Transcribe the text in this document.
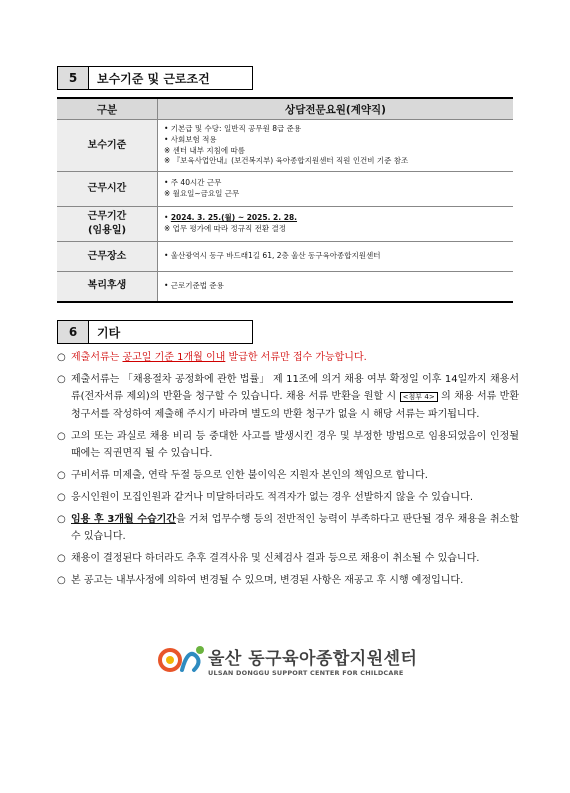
5	보수기준 및 근로조건
구분	상담전문요원(계약직)
보수기준	• 기본급 및 수당: 일반직 공무원 8급 준용
• 사회보험 적용
※ 센터 내부 지침에 따름
※ 『보육사업안내』(보건복지부) 육아종합지원센터 직원 인건비 기준 참조

근무시간	• 주 40시간 근무
※ 월요일~금요일 근무

근무기간
(임용일)	• 2024. 3. 25.(월) ~ 2025. 2. 28.
※ 업무 평가에 따라 정규직 전환 결정

근무장소	• 울산광역시 동구 바드래1길 61, 2층 울산 동구육아종합지원센터
복리후생	• 근로기준법 준용
6	기타
○ 제출서류는 공고일 기준 1개월 이내 발급한 서류만 접수 가능합니다.
○ 제출서류는 「채용절차 공정화에 관한 법률」 제 11조에 의거 채용 여부 확정일 이후 14일까지 채용서류(전자서류 제외)의 반환을 청구할 수 있습니다. 채용 서류 반환을 원할 시 <첨부 4> 의 채용 서류 반환청구서를 작성하여 제출해 주시기 바라며 별도의 반환 청구가 없을 시 해당 서류는 파기됩니다.
○ 고의 또는 과실로 채용 비리 등 중대한 사고를 발생시킨 경우 및 부정한 방법으로 임용되었음이 인정될 때에는 직권면직 될 수 있습니다.
○ 구비서류 미제출, 연락 두절 등으로 인한 불이익은 지원자 본인의 책임으로 합니다.
○ 응시인원이 모집인원과 같거나 미달하더라도 적격자가 없는 경우 선발하지 않을 수 있습니다.
○ 임용 후 3개월 수습기간을 거쳐 업무수행 등의 전반적인 능력이 부족하다고 판단될 경우 채용을 취소할 수 있습니다.
○ 채용이 결정된다 하더라도 추후 결격사유 및 신체검사 결과 등으로 채용이 취소될 수 있습니다.
○ 본 공고는 내부사정에 의하여 변경될 수 있으며, 변경된 사항은 재공고 후 시행 예정입니다.
울산 동구육아종합지원센터
ULSAN DONGGU SUPPORT CENTER FOR CHILDCARE
